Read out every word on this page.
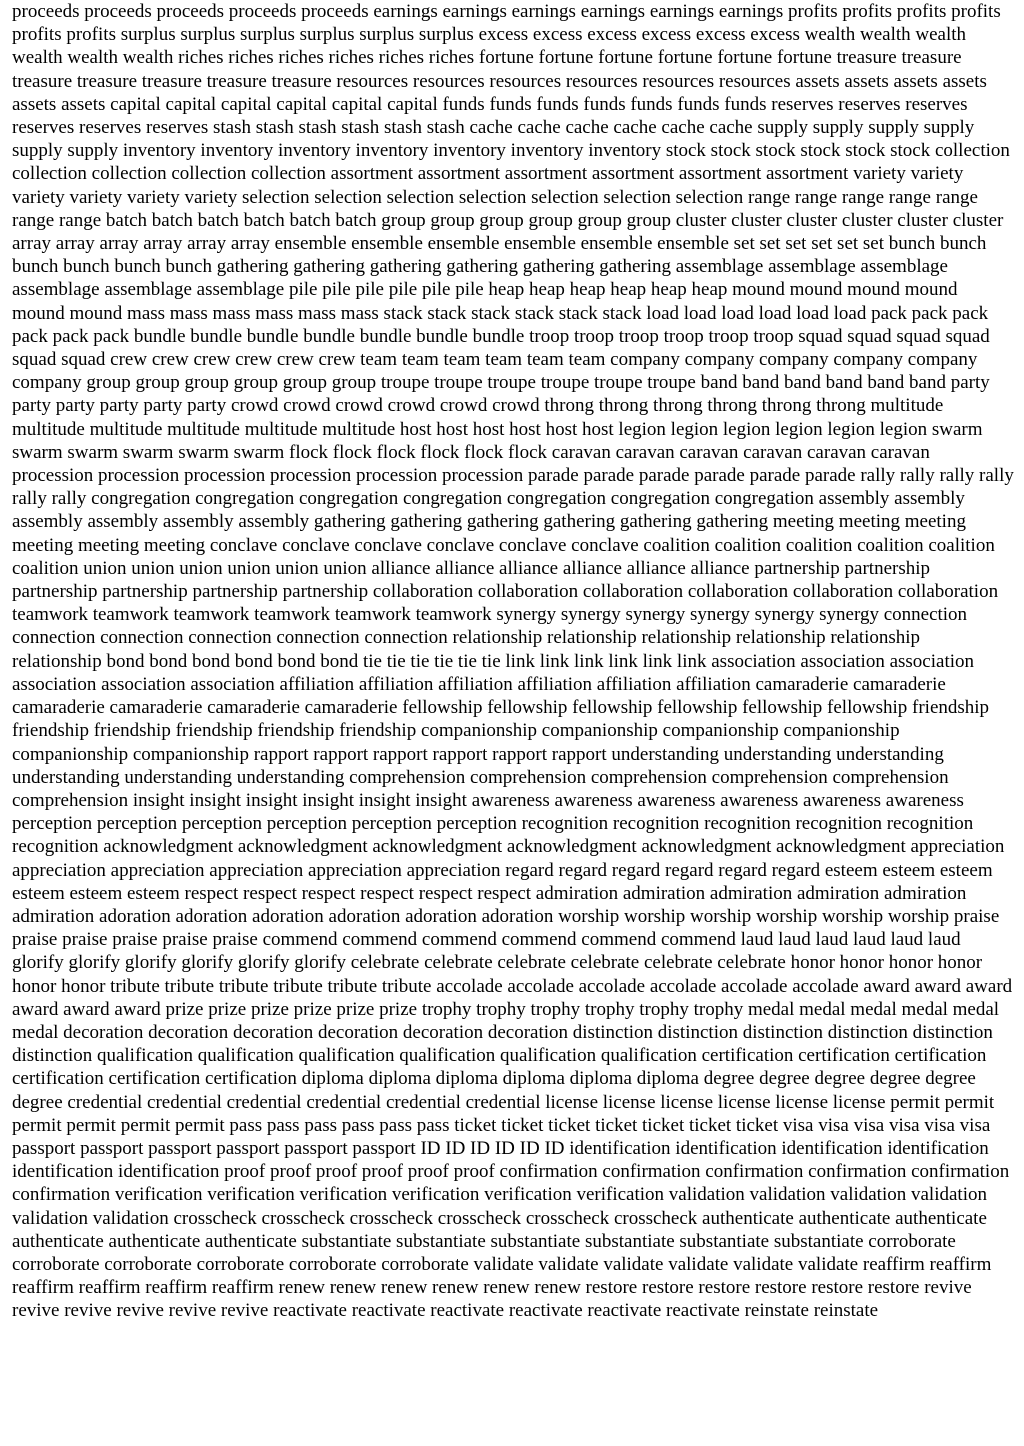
proceeds proceeds proceeds proceeds proceeds earnings earnings earnings earnings earnings earnings profits profits profits profits profits profits surplus surplus surplus surplus surplus surplus excess excess excess excess excess excess wealth wealth wealth wealth wealth wealth riches riches riches riches riches riches fortune fortune fortune fortune fortune fortune treasure treasure treasure treasure treasure treasure treasure resources resources resources resources resources resources assets assets assets assets assets assets capital capital capital capital capital capital funds funds funds funds funds funds funds reserves reserves reserves reserves reserves reserves stash stash stash stash stash stash cache cache cache cache cache cache supply supply supply supply supply supply inventory inventory inventory inventory inventory inventory inventory stock stock stock stock stock stock collection collection collection collection collection assortment assortment assortment assortment assortment assortment variety variety variety variety variety variety selection selection selection selection selection selection selection range range range range range range range batch batch batch batch batch batch group group group group group group cluster cluster cluster cluster cluster cluster array array array array array array ensemble ensemble ensemble ensemble ensemble ensemble set set set set set set bunch bunch bunch bunch bunch bunch gathering gathering gathering gathering gathering gathering assemblage assemblage assemblage assemblage assemblage assemblage pile pile pile pile pile pile heap heap heap heap heap heap mound mound mound mound mound mound mass mass mass mass mass mass stack stack stack stack stack stack load load load load load load pack pack pack pack pack pack bundle bundle bundle bundle bundle bundle bundle troop troop troop troop troop troop squad squad squad squad squad squad crew crew crew crew crew crew team team team team team team company company company company company company group group group group group group troupe troupe troupe troupe troupe troupe band band band band band band party party party party party party crowd crowd crowd crowd crowd crowd throng throng throng throng throng throng multitude multitude multitude multitude multitude multitude host host host host host host legion legion legion legion legion legion swarm swarm swarm swarm swarm swarm flock flock flock flock flock flock caravan caravan caravan caravan caravan caravan procession procession procession procession procession procession parade parade parade parade parade parade rally rally rally rally rally rally congregation congregation congregation congregation congregation congregation congregation assembly assembly assembly assembly assembly assembly gathering gathering gathering gathering gathering gathering meeting meeting meeting meeting meeting meeting conclave conclave conclave conclave conclave conclave coalition coalition coalition coalition coalition coalition union union union union union union alliance alliance alliance alliance alliance alliance partnership partnership partnership partnership partnership partnership collaboration collaboration collaboration collaboration collaboration collaboration teamwork teamwork teamwork teamwork teamwork teamwork synergy synergy synergy synergy synergy synergy connection connection connection connection connection connection relationship relationship relationship relationship relationship relationship bond bond bond bond bond bond tie tie tie tie tie tie link link link link link link association association association association association association affiliation affiliation affiliation affiliation affiliation affiliation camaraderie camaraderie camaraderie camaraderie camaraderie camaraderie fellowship fellowship fellowship fellowship fellowship fellowship friendship friendship friendship friendship friendship friendship companionship companionship companionship companionship companionship companionship rapport rapport rapport rapport rapport rapport understanding understanding understanding understanding understanding understanding comprehension comprehension comprehension comprehension comprehension comprehension insight insight insight insight insight insight awareness awareness awareness awareness awareness awareness perception perception perception perception perception perception recognition recognition recognition recognition recognition recognition acknowledgment acknowledgment acknowledgment acknowledgment acknowledgment acknowledgment appreciation appreciation appreciation appreciation appreciation appreciation regard regard regard regard regard regard esteem esteem esteem esteem esteem esteem respect respect respect respect respect respect admiration admiration admiration admiration admiration admiration adoration adoration adoration adoration adoration adoration worship worship worship worship worship worship praise praise praise praise praise praise commend commend commend commend commend commend laud laud laud laud laud laud glorify glorify glorify glorify glorify glorify celebrate celebrate celebrate celebrate celebrate celebrate honor honor honor honor honor honor tribute tribute tribute tribute tribute tribute accolade accolade accolade accolade accolade accolade award award award award award award prize prize prize prize prize prize trophy trophy trophy trophy trophy trophy medal medal medal medal medal medal decoration decoration decoration decoration decoration decoration distinction distinction distinction distinction distinction distinction qualification qualification qualification qualification qualification qualification certification certification certification certification certification certification diploma diploma diploma diploma diploma diploma degree degree degree degree degree degree credential credential credential credential credential credential license license license license license license permit permit permit permit permit permit pass pass pass pass pass pass ticket ticket ticket ticket ticket ticket ticket visa visa visa visa visa visa passport passport passport passport passport passport ID ID ID ID ID ID identification identification identification identification identification identification proof proof proof proof proof proof confirmation confirmation confirmation confirmation confirmation confirmation verification verification verification verification verification verification validation validation validation validation validation validation crosscheck crosscheck crosscheck crosscheck crosscheck crosscheck authenticate authenticate authenticate authenticate authenticate authenticate substantiate substantiate substantiate substantiate substantiate substantiate corroborate corroborate corroborate corroborate corroborate corroborate validate validate validate validate validate validate reaffirm reaffirm reaffirm reaffirm reaffirm reaffirm renew renew renew renew renew renew restore restore restore restore restore restore revive revive revive revive revive revive reactivate reactivate reactivate reactivate reactivate reactivate reinstate reinstate
